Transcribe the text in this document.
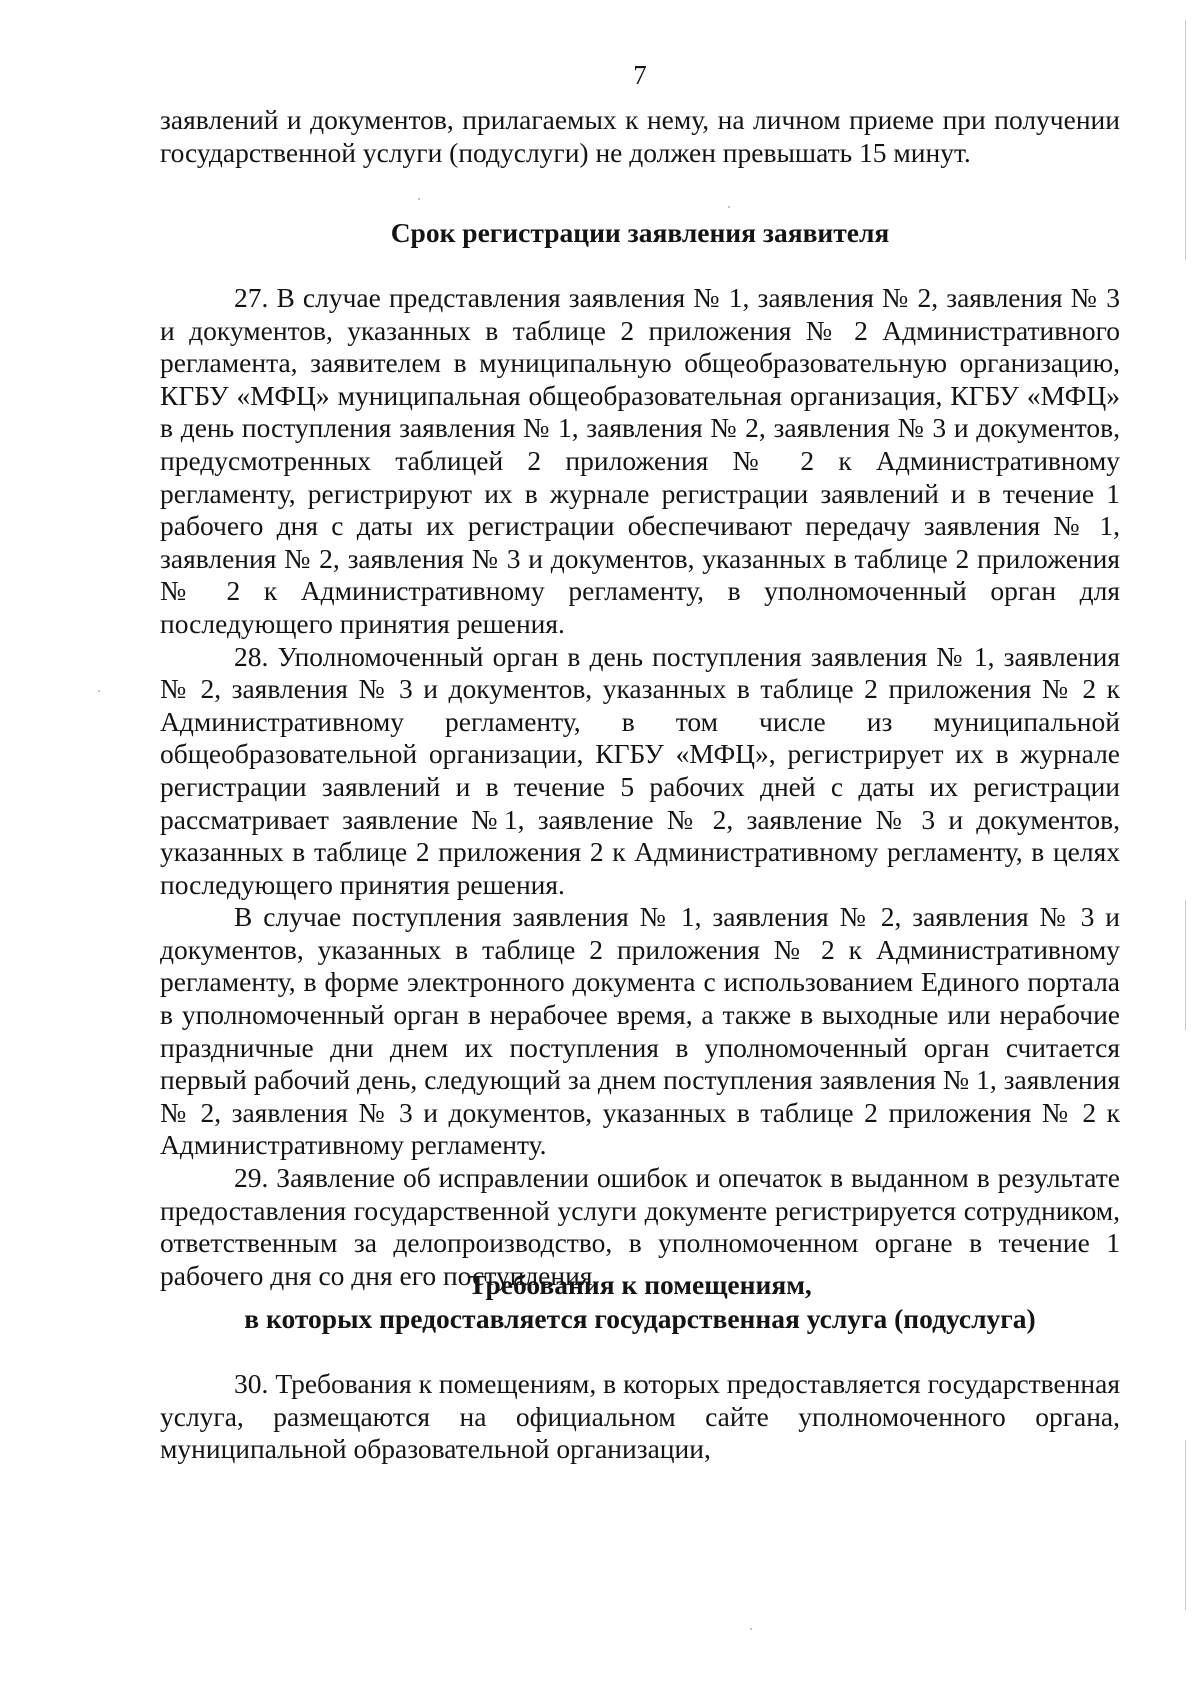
7

заявлений и документов, прилагаемых к нему, на личном приеме при получении государственной услуги (подуслуги) не должен превышать 15 минут.

Срок регистрации заявления заявителя

27. В случае представления заявления № 1, заявления № 2, заявления № 3 и документов, указанных в таблице 2 приложения № 2 Административного регламента, заявителем в муниципальную общеобразовательную организацию, КГБУ «МФЦ» муниципальная общеобразовательная организация, КГБУ «МФЦ» в день поступления заявления № 1, заявления № 2, заявления № 3 и документов, предусмотренных таблицей 2 приложения № 2 к Административному регламенту, регистрируют их в журнале регистрации заявлений и в течение 1 рабочего дня с даты их регистрации обеспечивают передачу заявления № 1, заявления № 2, заявления № 3 и документов, указанных в таблице 2 приложения № 2 к Административному регламенту, в уполномоченный орган для последующего принятия решения.

28. Уполномоченный орган в день поступления заявления № 1, заявления № 2, заявления № 3 и документов, указанных в таблице 2 приложения № 2 к Административному регламенту, в том числе из муниципальной общеобразовательной организации, КГБУ «МФЦ», регистрирует их в журнале регистрации заявлений и в течение 5 рабочих дней с даты их регистрации рассматривает заявление №1, заявление № 2, заявление № 3 и документов, указанных в таблице 2 приложения 2 к Административному регламенту, в целях последующего принятия решения.

В случае поступления заявления № 1, заявления № 2, заявления № 3 и документов, указанных в таблице 2 приложения № 2 к Административному регламенту, в форме электронного документа с использованием Единого портала в уполномоченный орган в нерабочее время, а также в выходные или нерабочие праздничные дни днем их поступления в уполномоченный орган считается первый рабочий день, следующий за днем поступления заявления № 1, заявления № 2, заявления № 3 и документов, указанных в таблице 2 приложения № 2 к Административному регламенту.

29. Заявление об исправлении ошибок и опечаток в выданном в результате предоставления государственной услуги документе регистрируется сотрудником, ответственным за делопроизводство, в уполномоченном органе в течение 1 рабочего дня со дня его поступления.

Требования к помещениям,
в которых предоставляется государственная услуга (подуслуга)

30. Требования к помещениям, в которых предоставляется государственная услуга, размещаются на официальном сайте уполномоченного органа, муниципальной образовательной организации,
